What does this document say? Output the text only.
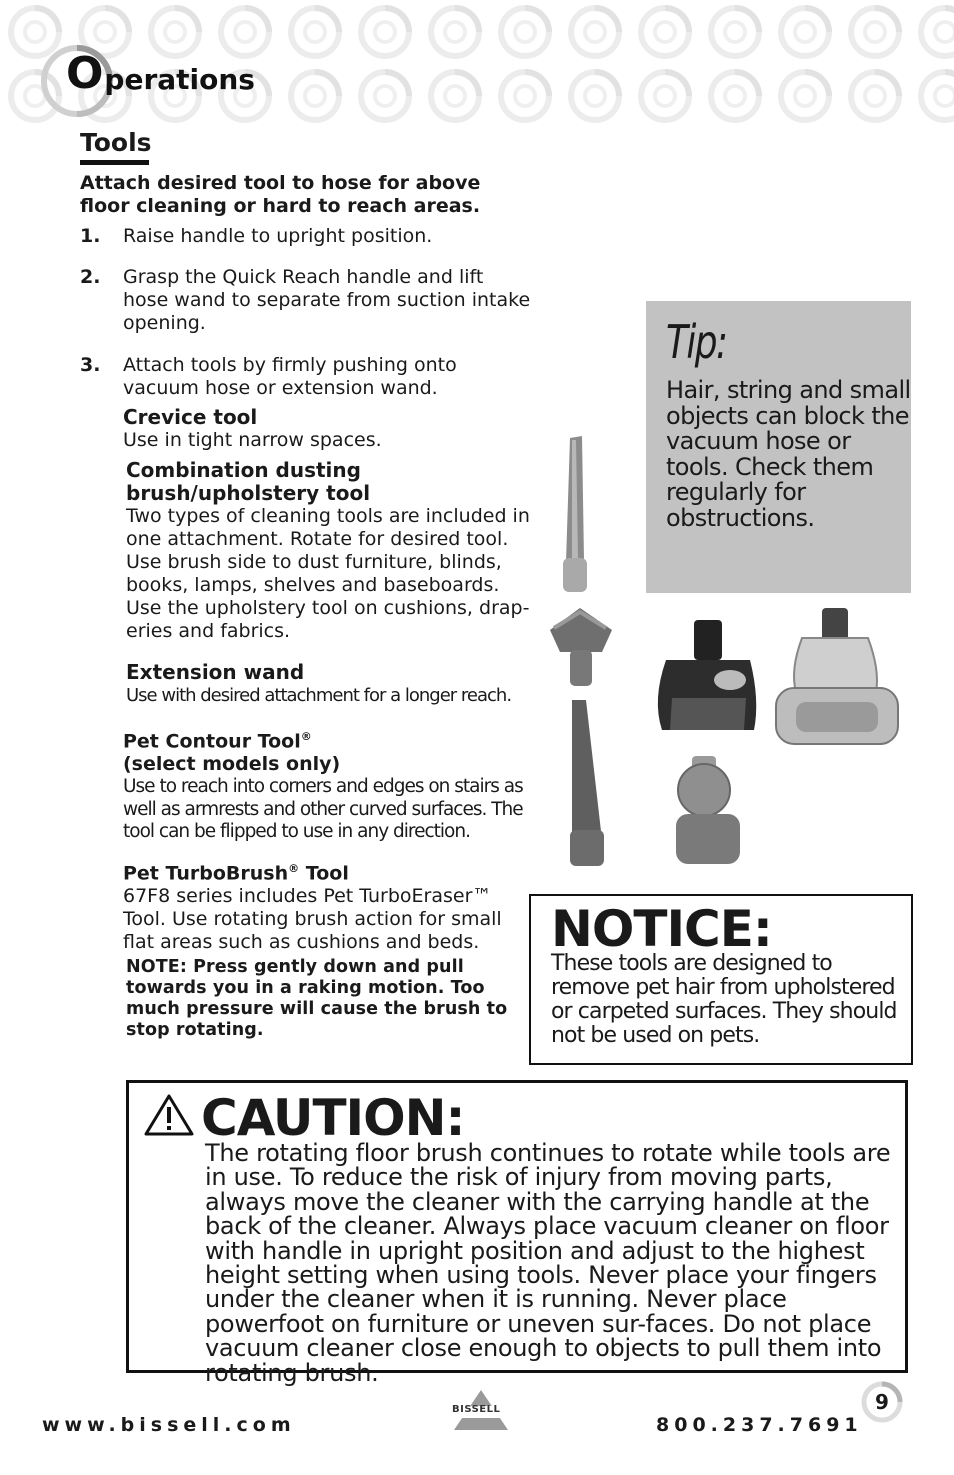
O perations
Tools
Attach desired tool to hose for above floor cleaning or hard to reach areas.
1. Raise handle to upright position.
2. Grasp the Quick Reach handle and lift hose wand to separate from suction intake opening.
3. Attach tools by firmly pushing onto vacuum hose or extension wand.
Crevice tool
Use in tight narrow spaces.
Combination dusting
brush/upholstery tool
Two types of cleaning tools are included in one attachment. Rotate for desired tool. Use brush side to dust furniture, blinds, books, lamps, shelves and baseboards. Use the upholstery tool on cushions, drap-eries and fabrics.
Extension wand
Use with desired attachment for a longer reach.
Pet Contour Tool®
(select models only)
Use to reach into corners and edges on stairs as well as armrests and other curved surfaces. The tool can be flipped to use in any direction.
Pet TurboBrush® Tool
67F8 series includes Pet TurboEraser™ Tool. Use rotating brush action for small flat areas such as cushions and beds.
NOTE: Press gently down and pull towards you in a raking motion. Too much pressure will cause the brush to stop rotating.
Tip:
Hair, string and small objects can block the vacuum hose or tools. Check them regularly for obstructions.
NOTICE:
These tools are designed to remove pet hair from upholstered or carpeted surfaces. They should not be used on pets.
CAUTION:
The rotating floor brush continues to rotate while tools are in use. To reduce the risk of injury from moving parts, always move the cleaner with the carrying handle at the back of the cleaner. Always place vacuum cleaner on floor with handle in upright position and adjust to the highest height setting when using tools. Never place your fingers under the cleaner when it is running. Never place powerfoot on furniture or uneven sur-faces. Do not place vacuum cleaner close enough to objects to pull them into rotating brush.
www.bissell.com
BISSELL
800.237.7691
9
